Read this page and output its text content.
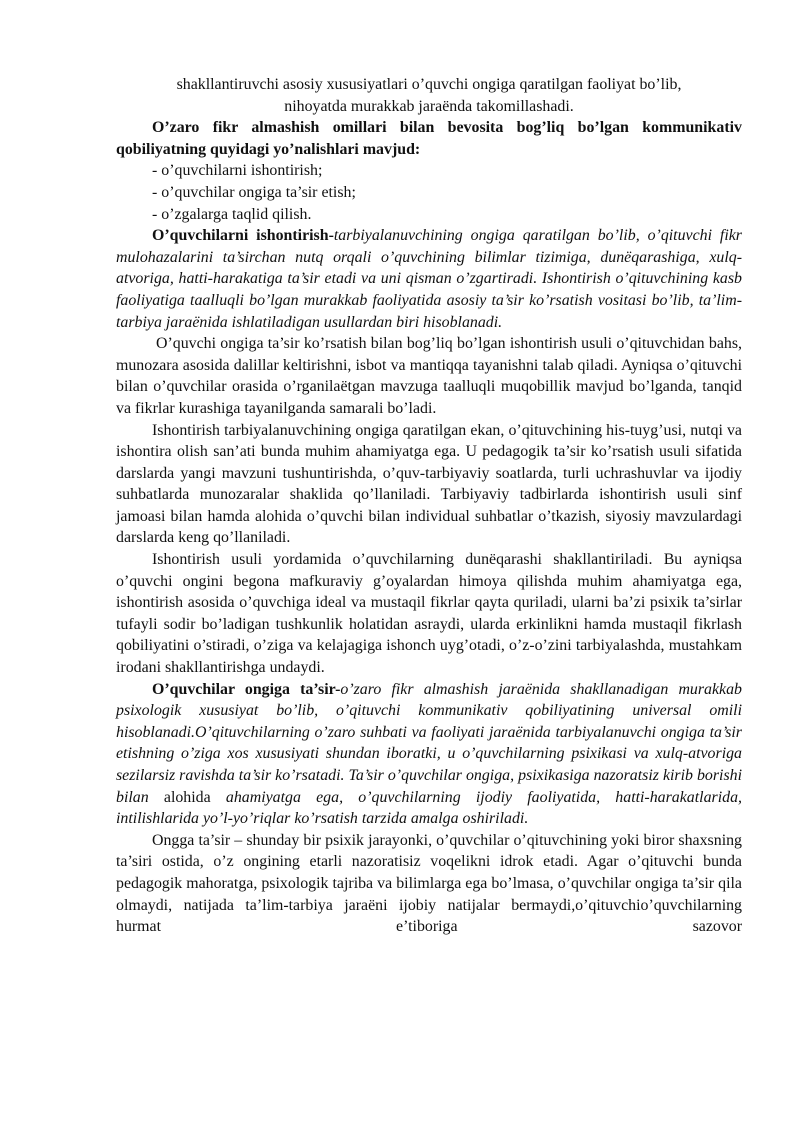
shakllantiruvchi asosiy xususiyatlari o’quvchi ongiga qaratilgan faoliyat bo’lib,

nihoyatda murakkab jaraёnda takomillashadi.

O’zaro fikr almashish omillari bilan bevosita bog’liq bo’lgan kommunikativ qobiliyatning quyidagi yo’nalishlari mavjud:

- o’quvchilarni ishontirish;

- o’quvchilar ongiga ta’sir etish;

- o’zgalarga taqlid qilish.

O’quvchilarni ishontirish-tarbiyalanuvchining ongiga qaratilgan bo’lib, o’qituvchi fikr mulohazalarini ta’sirchan nutq orqali o’quvchining bilimlar tizimiga, dunёqarashiga, xulq-atvoriga, hatti-harakatiga ta’sir etadi va uni qisman o’zgartiradi. Ishontirish o’qituvchining kasb faoliyatiga taalluqli bo’lgan murakkab faoliyatida asosiy ta’sir ko’rsatish vositasi bo’lib, ta’lim-tarbiya jaraёnida ishlatiladigan usullardan biri hisoblanadi.

O’quvchi ongiga ta’sir ko’rsatish bilan bog’liq bo’lgan ishontirish usuli o’qituvchidan bahs, munozara asosida dalillar keltirishni, isbot va mantiqqa tayanishni talab qiladi. Ayniqsa o’qituvchi bilan o’quvchilar orasida o’rganilaёtgan mavzuga taalluqli muqobillik mavjud bo’lganda, tanqid va fikrlar kurashiga tayanilganda samarali bo’ladi.

Ishontirish tarbiyalanuvchining ongiga qaratilgan ekan, o’qituvchining his-tuyg’usi, nutqi va ishontira olish san’ati bunda muhim ahamiyatga ega. U pedagogik ta’sir ko’rsatish usuli sifatida darslarda yangi mavzuni tushuntirishda, o’quv-tarbiyaviy soatlarda, turli uchrashuvlar va ijodiy suhbatlarda munozaralar shaklida qo’llaniladi. Tarbiyaviy tadbirlarda ishontirish usuli sinf jamoasi bilan hamda alohida o’quvchi bilan individual suhbatlar o’tkazish, siyosiy mavzulardagi darslarda keng qo’llaniladi.

Ishontirish usuli yordamida o’quvchilarning dunёqarashi shakllantiriladi. Bu ayniqsa o’quvchi ongini begona mafkuraviy g’oyalardan himoya qilishda muhim ahamiyatga ega, ishontirish asosida o’quvchiga ideal va mustaqil fikrlar qayta quriladi, ularni ba’zi psixik ta’sirlar tufayli sodir bo’ladigan tushkunlik holatidan asraydi, ularda erkinlikni hamda mustaqil fikrlash qobiliyatini o’stiradi, o’ziga va kelajagiga ishonch uyg’otadi, o’z-o’zini tarbiyalashda, mustahkam irodani shakllantirishga undaydi.

O’quvchilar ongiga ta’sir-o’zaro fikr almashish jaraёnida shakllanadigan murakkab psixologik xususiyat bo’lib, o’qituvchi kommunikativ qobiliyatining universal omili hisoblanadi.O’qituvchilarning o’zaro suhbati va faoliyati jaraёnida tarbiyalanuvchi ongiga ta’sir etishning o’ziga xos xususiyati shundan iboratki, u o’quvchilarning psixikasi va xulq-atvoriga sezilarsiz ravishda ta’sir ko’rsatadi. Ta’sir o’quvchilar ongiga, psixikasiga nazoratsiz kirib borishi bilan alohida ahamiyatga ega, o’quvchilarning ijodiy faoliyatida, hatti-harakatlarida, intilishlarida yo’l-yo’riqlar ko’rsatish tarzida amalga oshiriladi.

Ongga ta’sir – shunday bir psixik jarayonki, o’quvchilar o’qituvchining yoki biror shaxsning ta’siri ostida, o’z ongining etarli nazoratisiz voqelikni idrok etadi. Agar o’qituvchi bunda pedagogik mahoratga, psixologik tajriba va bilimlarga ega bo’lmasa, o’quvchilar ongiga ta’sir qila olmaydi, natijada ta’lim-tarbiya jaraёni ijobiy natijalar bermaydi,o’qituvchio’quvchilarning hurmat e’tiboriga sazovor
